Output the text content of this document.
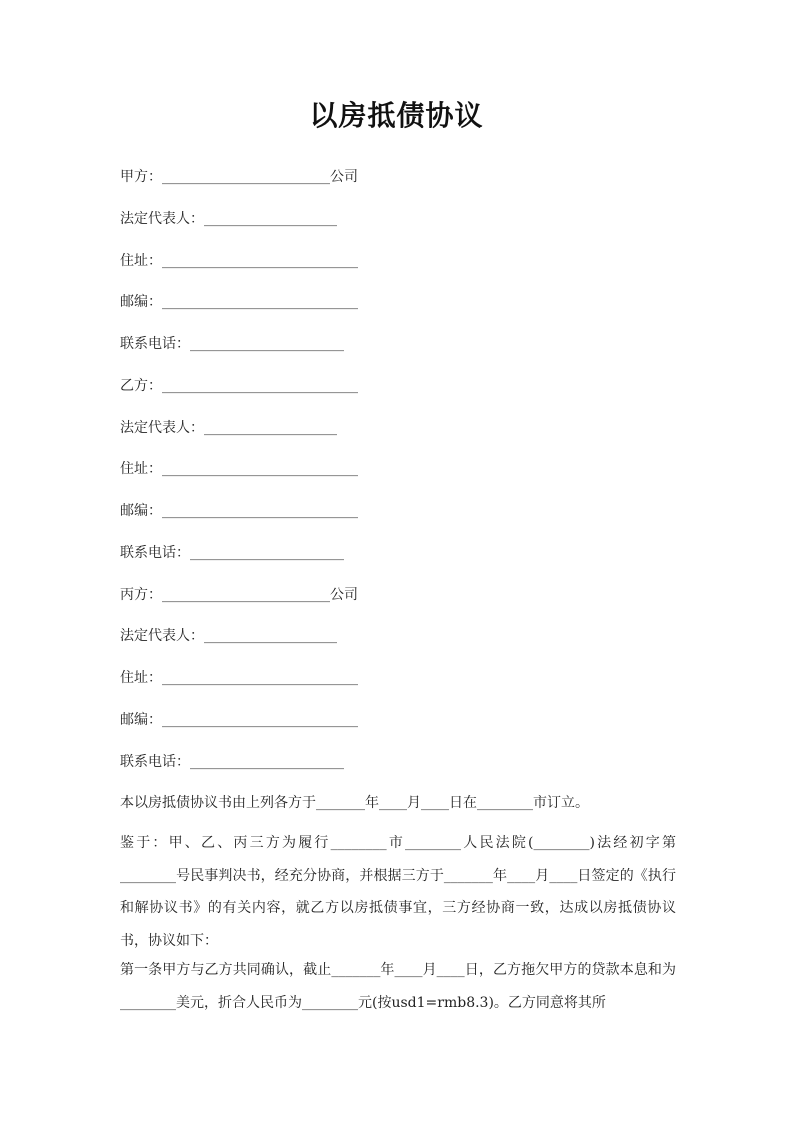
以房抵债协议

甲方：________________________公司

法定代表人：___________________

住址：____________________________

邮编：____________________________

联系电话：______________________

乙方：____________________________

法定代表人：___________________

住址：____________________________

邮编：____________________________

联系电话：______________________

丙方：________________________公司

法定代表人：___________________

住址：____________________________

邮编：____________________________

联系电话：______________________

本以房抵债协议书由上列各方于_______年____月____日在________市订立。

鉴于：甲、乙、丙三方为履行________市________人民法院(________)法经初字第________号民事判决书，经充分协商，并根据三方于_______年____月____日签定的《执行和解协议书》的有关内容，就乙方以房抵债事宜，三方经协商一致，达成以房抵债协议书，协议如下：

第一条甲方与乙方共同确认，截止_______年____月____日，乙方拖欠甲方的贷款本息和为________美元，折合人民币为________元(按usd1=rmb8.3)。乙方同意将其所
